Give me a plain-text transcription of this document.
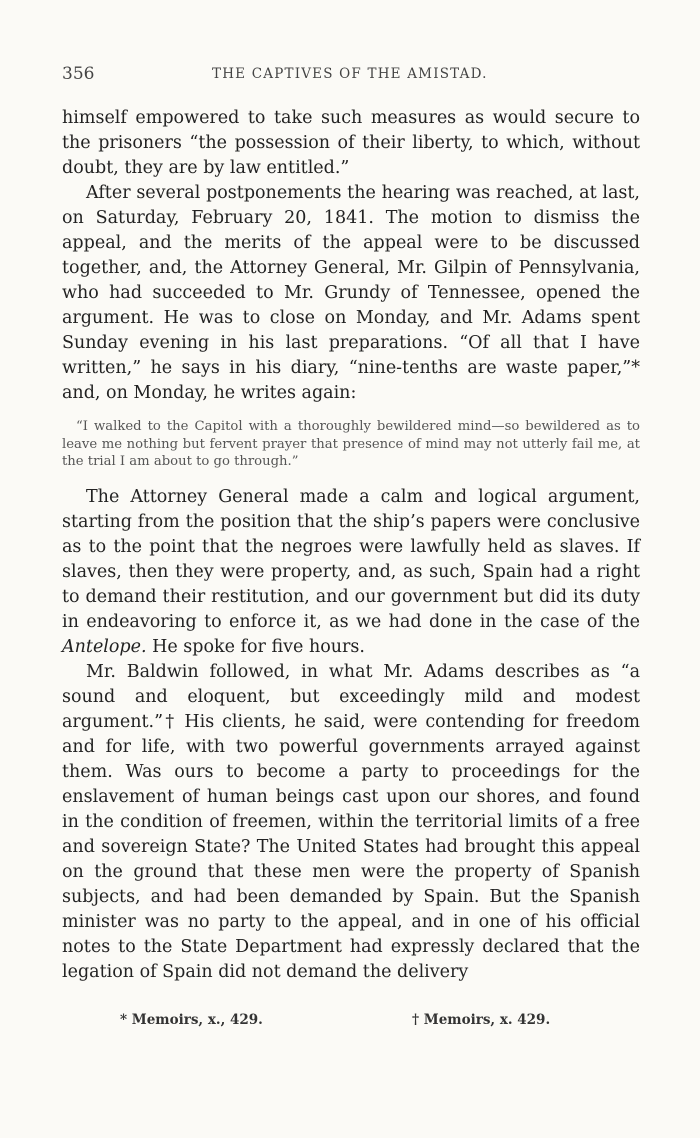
356	THE CAPTIVES OF THE AMISTAD.

himself empowered to take such measures as would secure to the prisoners “the possession of their liberty, to which, without doubt, they are by law entitled.”

After several postponements the hearing was reached, at last, on Saturday, February 20, 1841. The motion to dismiss the appeal, and the merits of the appeal were to be discussed together, and, the Attorney General, Mr. Gilpin of Pennsylvania, who had succeeded to Mr. Grundy of Tennessee, opened the argument. He was to close on Monday, and Mr. Adams spent Sunday evening in his last preparations. “Of all that I have written,” he says in his diary, “nine-tenths are waste paper,”* and, on Monday, he writes again:

“I walked to the Capitol with a thoroughly bewildered mind—so bewildered as to leave me nothing but fervent prayer that presence of mind may not utterly fail me, at the trial I am about to go through.”

The Attorney General made a calm and logical argument, starting from the position that the ship’s papers were conclusive as to the point that the negroes were lawfully held as slaves. If slaves, then they were property, and, as such, Spain had a right to demand their restitution, and our government but did its duty in endeavoring to enforce it, as we had done in the case of the Antelope. He spoke for five hours.

Mr. Baldwin followed, in what Mr. Adams describes as “a sound and eloquent, but exceedingly mild and modest argument.”† His clients, he said, were contending for freedom and for life, with two powerful governments arrayed against them. Was ours to become a party to proceedings for the enslavement of human beings cast upon our shores, and found in the condition of freemen, within the territorial limits of a free and sovereign State? The United States had brought this appeal on the ground that these men were the property of Spanish subjects, and had been demanded by Spain. But the Spanish minister was no party to the appeal, and in one of his official notes to the State Department had expressly declared that the legation of Spain did not demand the delivery

* Memoirs, x., 429.	† Memoirs, x. 429.
